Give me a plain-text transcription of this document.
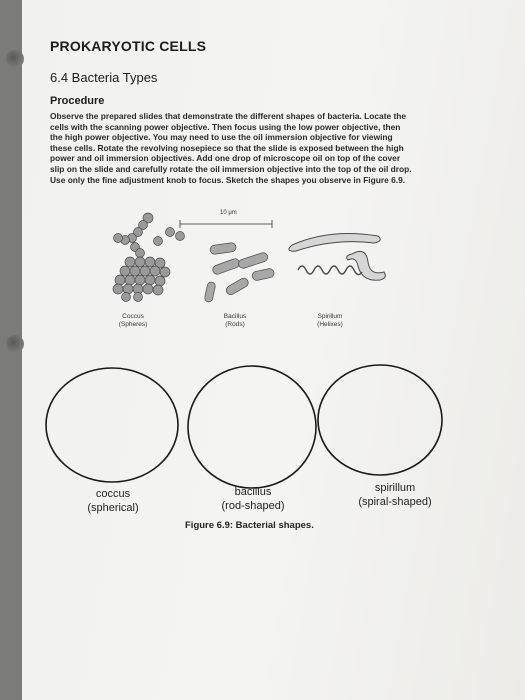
PROKARYOTIC CELLS
6.4 Bacteria Types
Procedure
Observe the prepared slides that demonstrate the different shapes of bacteria. Locate the
cells with the scanning power objective. Then focus using the low power objective, then
the high power objective. You may need to use the oil immersion objective for viewing
these cells. Rotate the revolving nosepiece so that the slide is exposed between the high
power and oil immersion objectives. Add one drop of microscope oil on top of the cover
slip on the slide and carefully rotate the oil immersion objective into the top of the oil drop.
Use only the fine adjustment knob to focus. Sketch the shapes you observe in Figure 6.9.
10 μm
Coccus
(Spheres)
Bacillus
(Rods)
Spirillum
(Helixes)
coccus
(spherical)
bacillus
(rod-shaped)
spirillum
(spiral-shaped)
Figure 6.9: Bacterial shapes.
